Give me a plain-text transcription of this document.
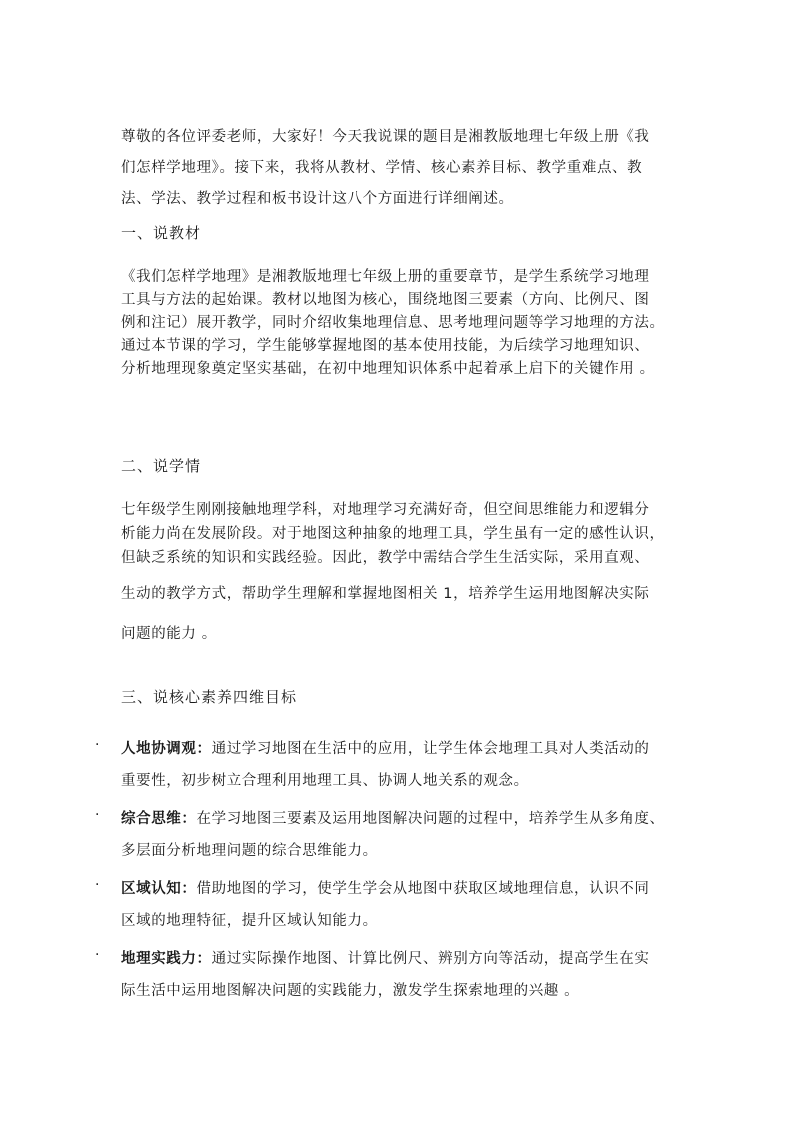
尊敬的各位评委老师，大家好！今天我说课的题目是湘教版地理七年级上册《我
们怎样学地理》。接下来，我将从教材、学情、核心素养目标、教学重难点、教
法、学法、教学过程和板书设计这八个方面进行详细阐述。
一、说教材
《我们怎样学地理》是湘教版地理七年级上册的重要章节，是学生系统学习地理
工具与方法的起始课。教材以地图为核心，围绕地图三要素（方向、比例尺、图
例和注记）展开教学，同时介绍收集地理信息、思考地理问题等学习地理的方法。
通过本节课的学习，学生能够掌握地图的基本使用技能，为后续学习地理知识、
分析地理现象奠定坚实基础，在初中地理知识体系中起着承上启下的关键作用 。
二、说学情
七年级学生刚刚接触地理学科，对地理学习充满好奇，但空间思维能力和逻辑分
析能力尚在发展阶段。对于地图这种抽象的地理工具，学生虽有一定的感性认识，
但缺乏系统的知识和实践经验。因此，教学中需结合学生生活实际，采用直观、
生动的教学方式，帮助学生理解和掌握地图相关 1，培养学生运用地图解决实际
问题的能力 。
三、说核心素养四维目标
. 人地协调观：通过学习地图在生活中的应用，让学生体会地理工具对人类活动的
重要性，初步树立合理利用地理工具、协调人地关系的观念。
. 综合思维：在学习地图三要素及运用地图解决问题的过程中，培养学生从多角度、
多层面分析地理问题的综合思维能力。
. 区域认知：借助地图的学习，使学生学会从地图中获取区域地理信息，认识不同
区域的地理特征，提升区域认知能力。
. 地理实践力：通过实际操作地图、计算比例尺、辨别方向等活动，提高学生在实
际生活中运用地图解决问题的实践能力，激发学生探索地理的兴趣 。
